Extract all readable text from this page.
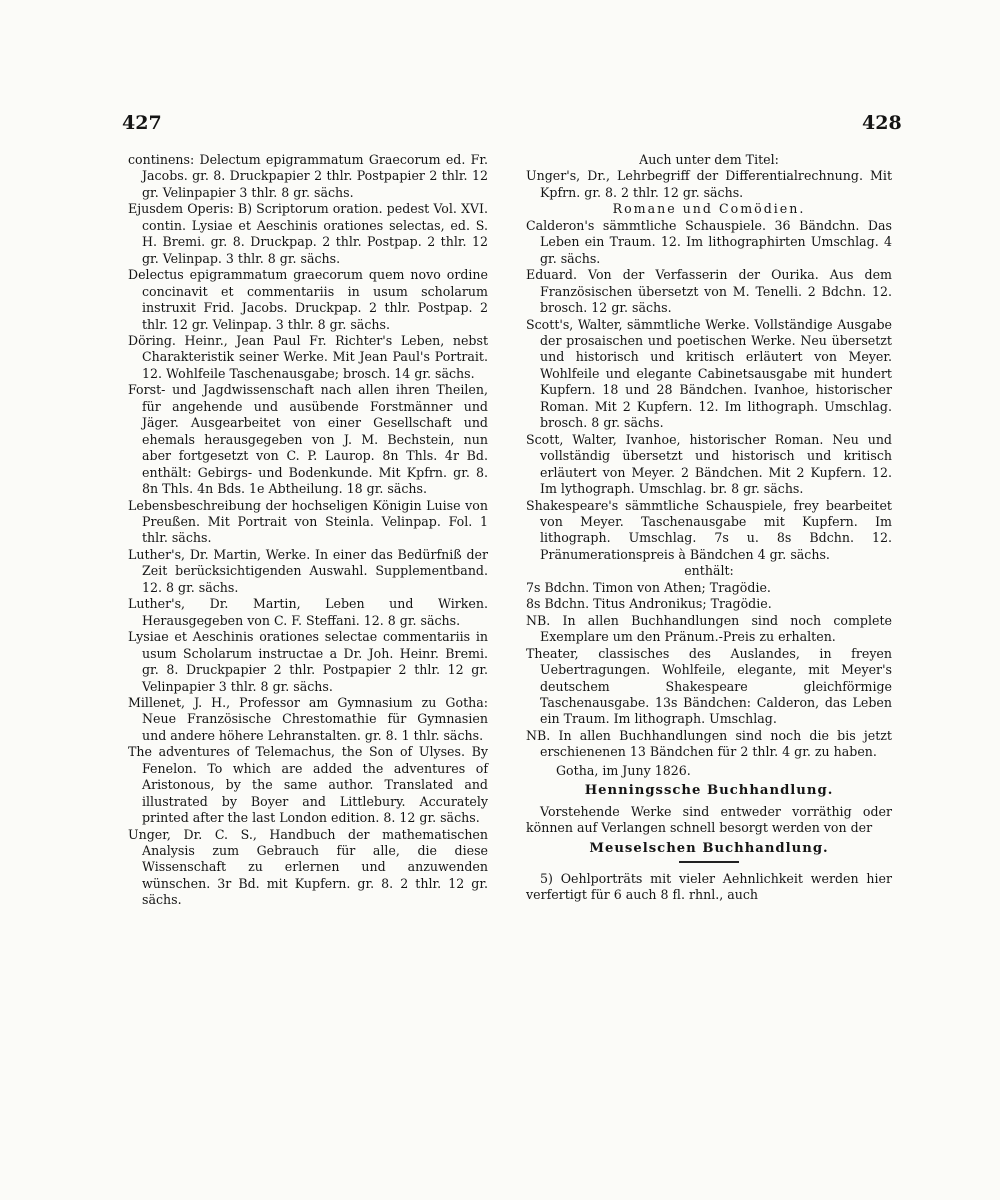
427	428

continens: Delectum epigrammatum Graecorum ed. Fr. Jacobs. gr. 8. Druckpapier 2 thlr. Postpapier 2 thlr. 12 gr. Velinpapier 3 thlr. 8 gr. sächs.

Ejusdem Operis: B) Scriptorum oration. pedest Vol. XVI. contin. Lysiae et Aeschinis orationes selectas, ed. S. H. Bremi. gr. 8. Druckpap. 2 thlr. Postpap. 2 thlr. 12 gr. Velinpap. 3 thlr. 8 gr. sächs.

Delectus epigrammatum graecorum quem novo ordine concinavit et commentariis in usum scholarum instruxit Frid. Jacobs. Druckpap. 2 thlr. Postpap. 2 thlr. 12 gr. Velinpap. 3 thlr. 8 gr. sächs.

Döring. Heinr., Jean Paul Fr. Richter's Leben, nebst Charakteristik seiner Werke. Mit Jean Paul's Portrait. 12. Wohlfeile Taschenausgabe; brosch. 14 gr. sächs.

Forst- und Jagdwissenschaft nach allen ihren Theilen, für angehende und ausübende Forstmänner und Jäger. Ausgearbeitet von einer Gesellschaft und ehemals herausgegeben von J. M. Bechstein, nun aber fortgesetzt von C. P. Laurop. 8n Thls. 4r Bd. enthält: Gebirgs- und Bodenkunde. Mit Kpfrn. gr. 8. 8n Thls. 4n Bds. 1e Abtheilung. 18 gr. sächs.

Lebensbeschreibung der hochseligen Königin Luise von Preußen. Mit Portrait von Steinla. Velinpap. Fol. 1 thlr. sächs.

Luther's, Dr. Martin, Werke. In einer das Bedürfniß der Zeit berücksichtigenden Auswahl. Supplementband. 12. 8 gr. sächs.

Luther's, Dr. Martin, Leben und Wirken. Herausgegeben von C. F. Steffani. 12. 8 gr. sächs.

Lysiae et Aeschinis orationes selectae commentariis in usum Scholarum instructae a Dr. Joh. Heinr. Bremi. gr. 8. Druckpapier 2 thlr. Postpapier 2 thlr. 12 gr. Velinpapier 3 thlr. 8 gr. sächs.

Millenet, J. H., Professor am Gymnasium zu Gotha: Neue Französische Chrestomathie für Gymnasien und andere höhere Lehranstalten. gr. 8. 1 thlr. sächs.

The adventures of Telemachus, the Son of Ulyses. By Fenelon. To which are added the adventures of Aristonous, by the same author. Translated and illustrated by Boyer and Littlebury. Accurately printed after the last London edition. 8. 12 gr. sächs.

Unger, Dr. C. S., Handbuch der mathematischen Analysis zum Gebrauch für alle, die diese Wissenschaft zu erlernen und anzuwenden wünschen. 3r Bd. mit Kupfern. gr. 8. 2 thlr. 12 gr. sächs.

Auch unter dem Titel:

Unger's, Dr., Lehrbegriff der Differentialrechnung. Mit Kpfrn. gr. 8. 2 thlr. 12 gr. sächs.

Romane und Comödien.

Calderon's sämmtliche Schauspiele. 36 Bändchn. Das Leben ein Traum. 12. Im lithographirten Umschlag. 4 gr. sächs.

Eduard. Von der Verfasserin der Ourika. Aus dem Französischen übersetzt von M. Tenelli. 2 Bdchn. 12. brosch. 12 gr. sächs.

Scott's, Walter, sämmtliche Werke. Vollständige Ausgabe der prosaischen und poetischen Werke. Neu übersetzt und historisch und kritisch erläutert von Meyer. Wohlfeile und elegante Cabinetsausgabe mit hundert Kupfern. 18 und 28 Bändchen. Ivanhoe, historischer Roman. Mit 2 Kupfern. 12. Im lithograph. Umschlag. brosch. 8 gr. sächs.

Scott, Walter, Ivanhoe, historischer Roman. Neu und vollständig übersetzt und historisch und kritisch erläutert von Meyer. 2 Bändchen. Mit 2 Kupfern. 12. Im lythograph. Umschlag. br. 8 gr. sächs.

Shakespeare's sämmtliche Schauspiele, frey bearbeitet von Meyer. Taschenausgabe mit Kupfern. Im lithograph. Umschlag. 7s u. 8s Bdchn. 12. Pränumerationspreis à Bändchen 4 gr. sächs.

enthält:

7s Bdchn. Timon von Athen; Tragödie.

8s Bdchn. Titus Andronikus; Tragödie.

NB. In allen Buchhandlungen sind noch complete Exemplare um den Pränum.-Preis zu erhalten.

Theater, classisches des Auslandes, in freyen Uebertragungen. Wohlfeile, elegante, mit Meyer's deutschem Shakespeare gleichförmige Taschenausgabe. 13s Bändchen: Calderon, das Leben ein Traum. Im lithograph. Umschlag.

NB. In allen Buchhandlungen sind noch die bis jetzt erschienenen 13 Bändchen für 2 thlr. 4 gr. zu haben.

Gotha, im Juny 1826.

Henningssche Buchhandlung.

Vorstehende Werke sind entweder vorräthig oder können auf Verlangen schnell besorgt werden von der

Meuselschen Buchhandlung.

5) Oehlporträts mit vieler Aehnlichkeit werden hier verfertigt für 6 auch 8 fl. rhnl., auch
